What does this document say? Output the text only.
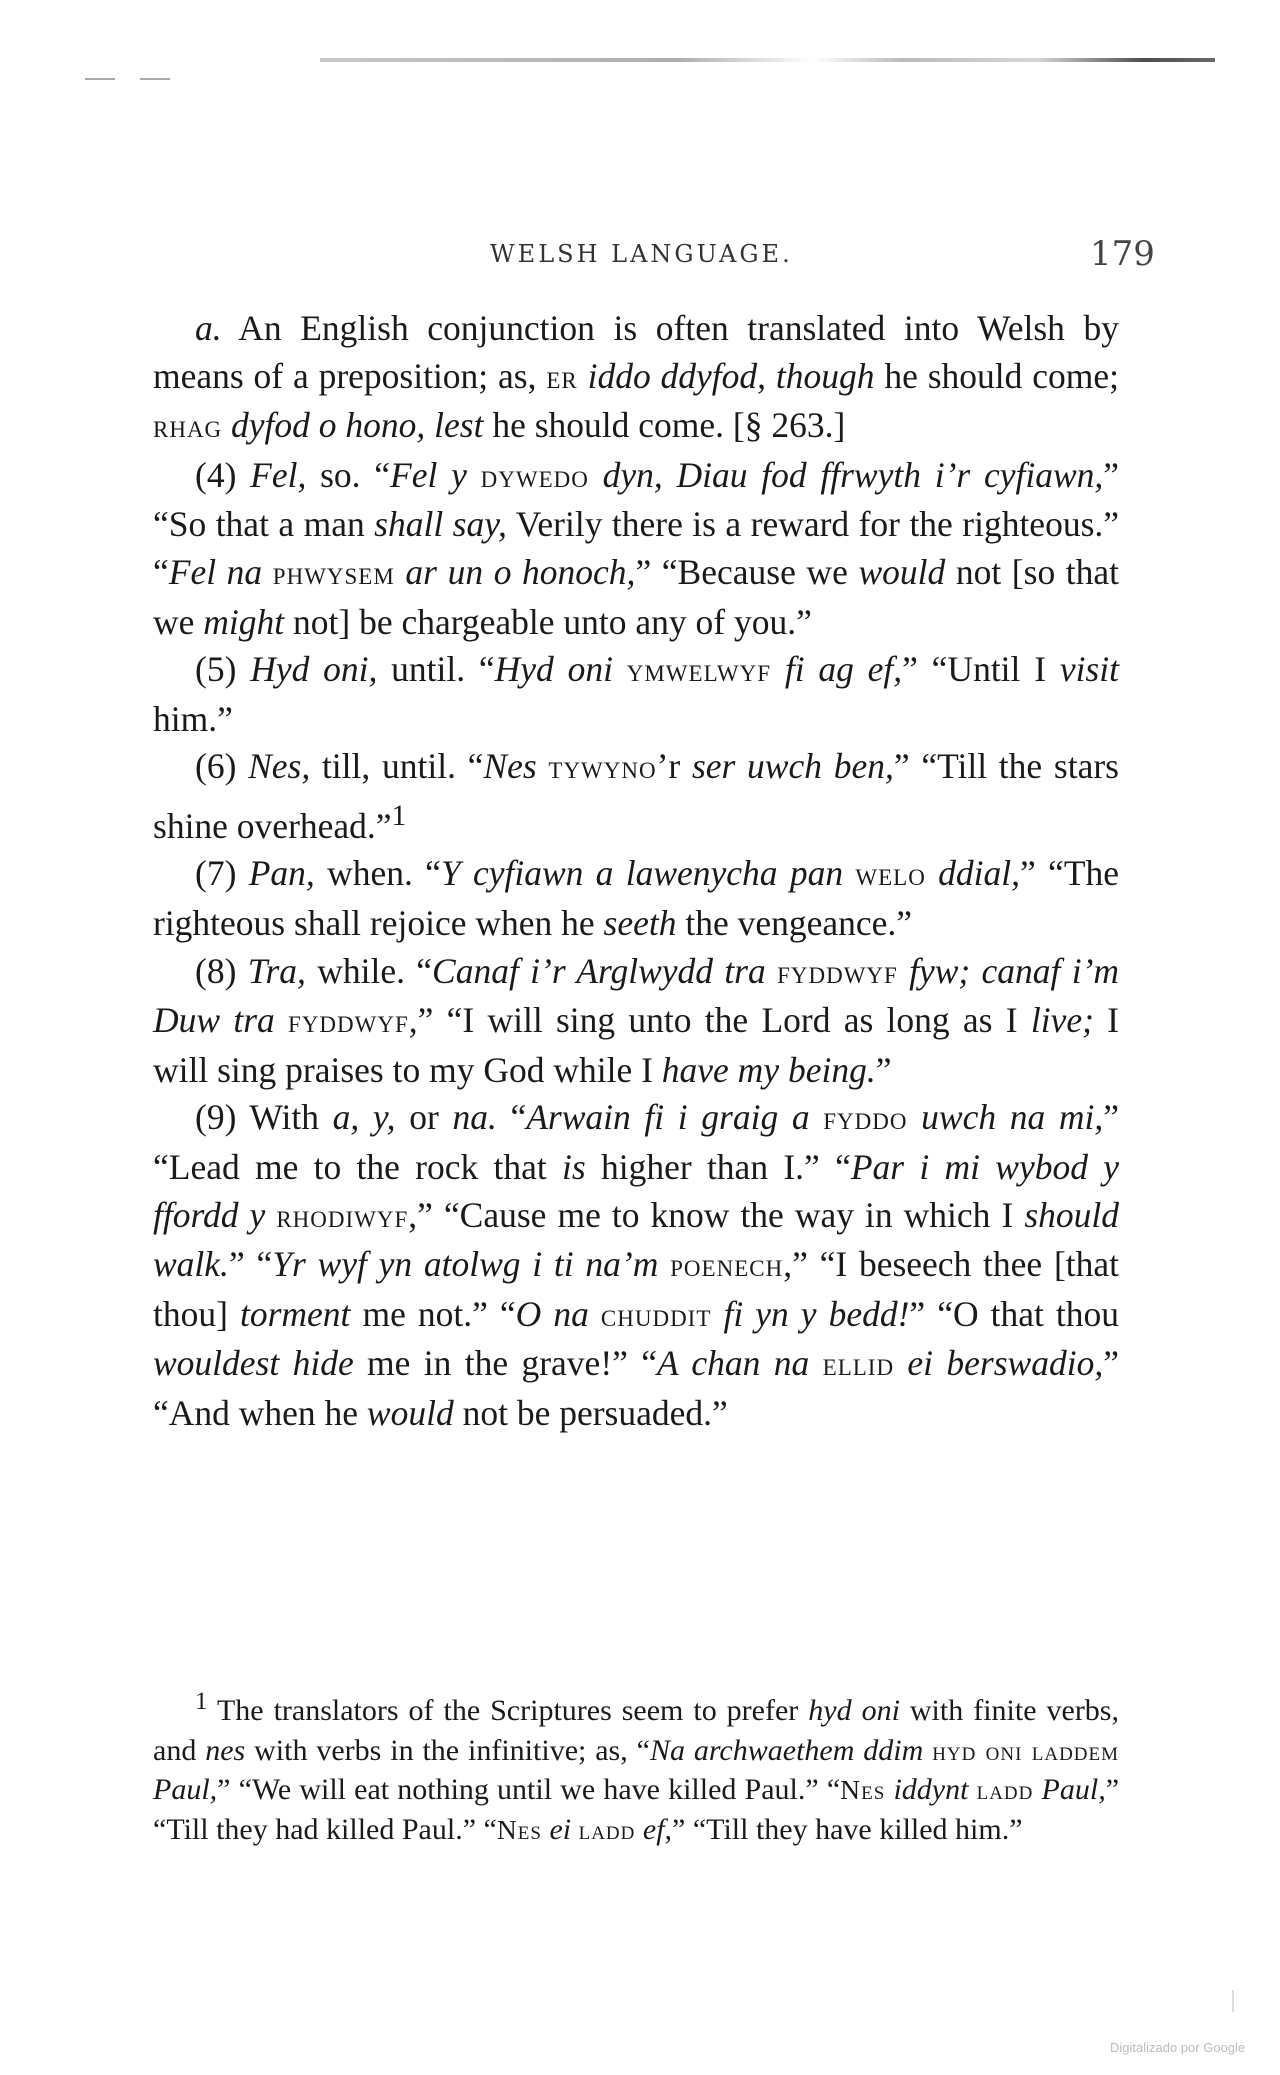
WELSH LANGUAGE.	179

a. An English conjunction is often translated into Welsh by means of a preposition; as, er iddo ddyfod, though he should come; rhag dyfod o hono, lest he should come. [§ 263.]

(4) Fel, so. “Fel y dywedo dyn, Diau fod ffrwyth i’r cyfiawn,” “So that a man shall say, Verily there is a reward for the righteous.” “Fel na phwysem ar un o honoch,” “Because we would not [so that we might not] be chargeable unto any of you.”

(5) Hyd oni, until. “Hyd oni ymwelwyf fi ag ef,” “Until I visit him.”

(6) Nes, till, until. “Nes tywyno’r ser uwch ben,” “Till the stars shine overhead.”$^1$

(7) Pan, when. “Y cyfiawn a lawenycha pan welo ddial,” “The righteous shall rejoice when he seeth the vengeance.”

(8) Tra, while. “Canaf i’r Arglwydd tra fyddwyf fyw; canaf i’m Duw tra fyddwyf,” “I will sing unto the Lord as long as I live; I will sing praises to my God while I have my being.”

(9) With a, y, or na. “Arwain fi i graig a fyddo uwch na mi,” “Lead me to the rock that is higher than I.” “Par i mi wybod y ffordd y rhodiwyf,” “Cause me to know the way in which I should walk.” “Yr wyf yn atolwg i ti na’m poenech,” “I beseech thee [that thou] torment me not.” “O na chuddit fi yn y bedd!” “O that thou wouldest hide me in the grave!” “A chan na ellid ei berswadio,” “And when he would not be persuaded.”

$^1$ The translators of the Scriptures seem to prefer hyd oni with finite verbs, and nes with verbs in the infinitive; as, “Na archwaethem ddim hyd oni laddem Paul,” “We will eat nothing until we have killed Paul.” “Nes iddynt ladd Paul,” “Till they had killed Paul.” “Nes ei ladd ef,” “Till they have killed him.”

Digitalizado por Google
